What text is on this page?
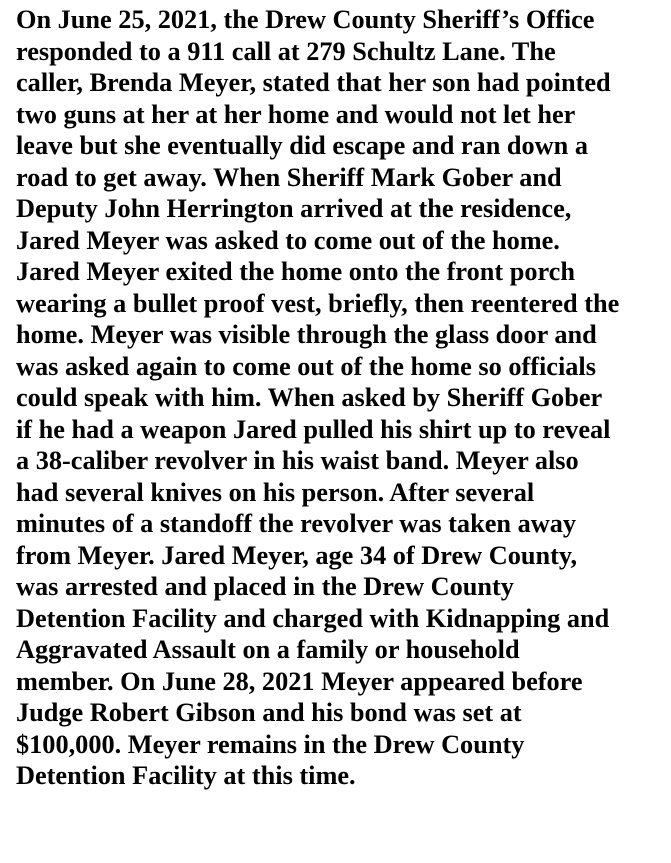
On June 25, 2021, the Drew County Sheriff’s Office
responded to a 911 call at 279 Schultz Lane. The
caller, Brenda Meyer, stated that her son had pointed
two guns at her at her home and would not let her
leave but she eventually did escape and ran down a
road to get away. When Sheriff Mark Gober and
Deputy John Herrington arrived at the residence,
Jared Meyer was asked to come out of the home.
Jared Meyer exited the home onto the front porch
wearing a bullet proof vest, briefly, then reentered the
home. Meyer was visible through the glass door and
was asked again to come out of the home so officials
could speak with him. When asked by Sheriff Gober
if he had a weapon Jared pulled his shirt up to reveal
a 38-caliber revolver in his waist band. Meyer also
had several knives on his person. After several
minutes of a standoff the revolver was taken away
from Meyer. Jared Meyer, age 34 of Drew County,
was arrested and placed in the Drew County
Detention Facility and charged with Kidnapping and
Aggravated Assault on a family or household
member. On June 28, 2021 Meyer appeared before
Judge Robert Gibson and his bond was set at
$100,000. Meyer remains in the Drew County
Detention Facility at this time.
